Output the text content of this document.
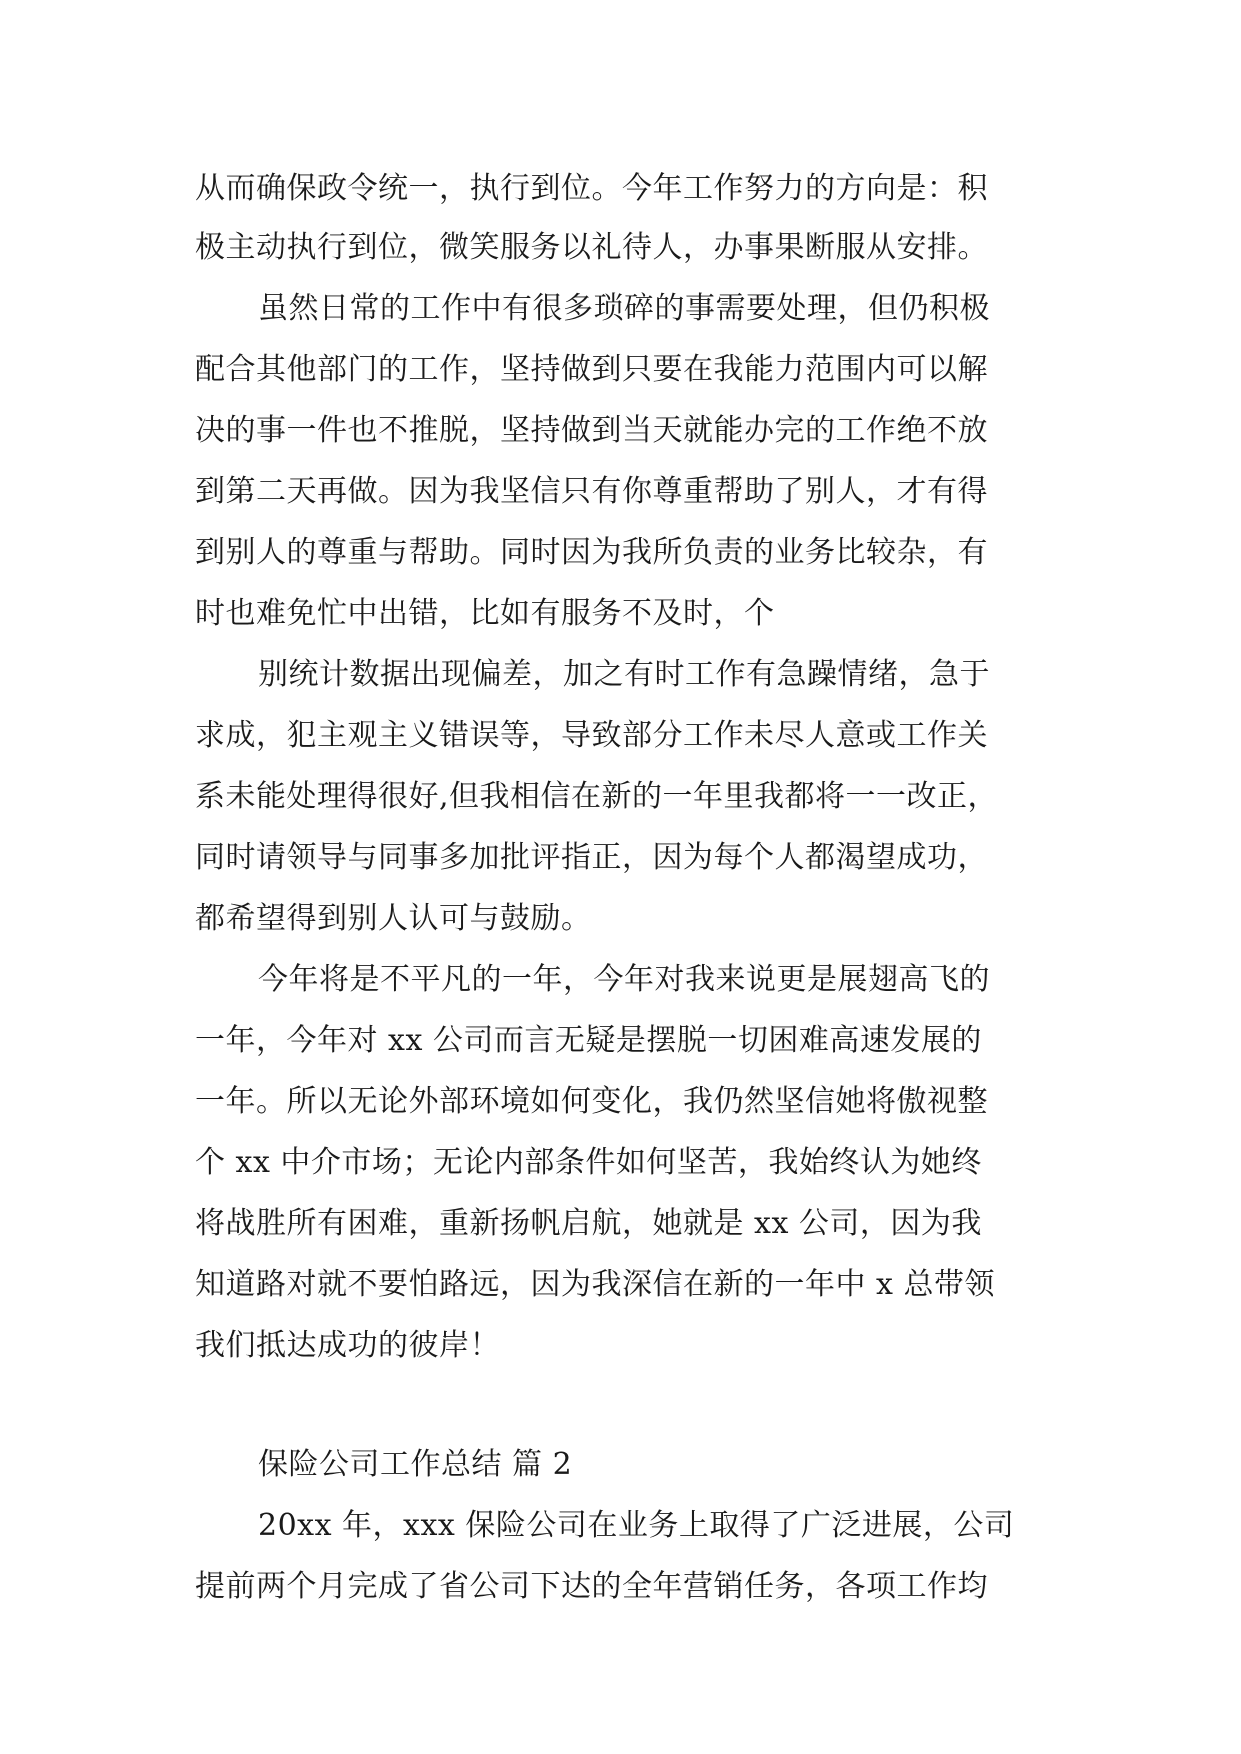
从而确保政令统一，执行到位。今年工作努力的方向是：积
极主动执行到位，微笑服务以礼待人，办事果断服从安排。
虽然日常的工作中有很多琐碎的事需要处理，但仍积极
配合其他部门的工作，坚持做到只要在我能力范围内可以解
决的事一件也不推脱，坚持做到当天就能办完的工作绝不放
到第二天再做。因为我坚信只有你尊重帮助了别人，才有得
到别人的尊重与帮助。同时因为我所负责的业务比较杂，有
时也难免忙中出错，比如有服务不及时，个
别统计数据出现偏差，加之有时工作有急躁情绪，急于
求成，犯主观主义错误等，导致部分工作未尽人意或工作关
系未能处理得很好,但我相信在新的一年里我都将一一改正，
同时请领导与同事多加批评指正，因为每个人都渴望成功，
都希望得到别人认可与鼓励。
今年将是不平凡的一年，今年对我来说更是展翅高飞的
一年，今年对 xx 公司而言无疑是摆脱一切困难高速发展的
一年。所以无论外部环境如何变化，我仍然坚信她将傲视整
个 xx 中介市场；无论内部条件如何坚苦，我始终认为她终
将战胜所有困难，重新扬帆启航，她就是 xx 公司，因为我
知道路对就不要怕路远，因为我深信在新的一年中 x 总带领
我们抵达成功的彼岸！
保险公司工作总结 篇 2
20xx 年，xxx 保险公司在业务上取得了广泛进展，公司
提前两个月完成了省公司下达的全年营销任务，各项工作均
